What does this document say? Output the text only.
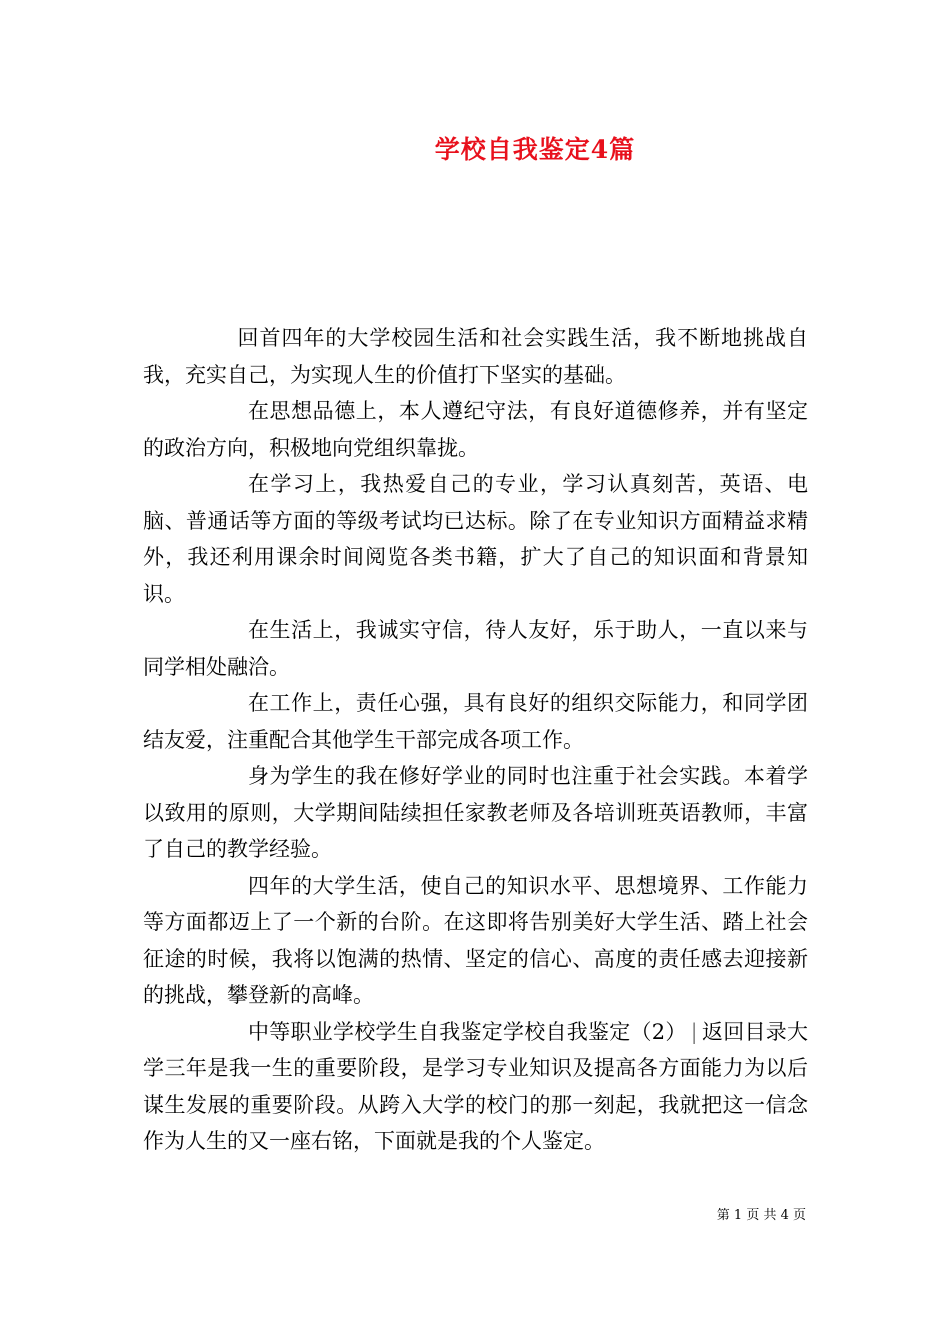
学校自我鉴定4篇

回首四年的大学校园生活和社会实践生活，我不断地挑战自我，充实自己，为实现人生的价值打下坚实的基础。

在思想品德上，本人遵纪守法，有良好道德修养，并有坚定的政治方向，积极地向党组织靠拢。

在学习上，我热爱自己的专业，学习认真刻苦，英语、电脑、普通话等方面的等级考试均已达标。除了在专业知识方面精益求精外，我还利用课余时间阅览各类书籍，扩大了自己的知识面和背景知识。

在生活上，我诚实守信，待人友好，乐于助人，一直以来与同学相处融洽。

在工作上，责任心强，具有良好的组织交际能力，和同学团结友爱，注重配合其他学生干部完成各项工作。

身为学生的我在修好学业的同时也注重于社会实践。本着学以致用的原则，大学期间陆续担任家教老师及各培训班英语教师，丰富了自己的教学经验。

四年的大学生活，使自己的知识水平、思想境界、工作能力等方面都迈上了一个新的台阶。在这即将告别美好大学生活、踏上社会征途的时候，我将以饱满的热情、坚定的信心、高度的责任感去迎接新的挑战，攀登新的高峰。

中等职业学校学生自我鉴定学校自我鉴定（2） | 返回目录大学三年是我一生的重要阶段，是学习专业知识及提高各方面能力为以后谋生发展的重要阶段。从跨入大学的校门的那一刻起，我就把这一信念作为人生的又一座右铭，下面就是我的个人鉴定。

第 1 页 共 4 页
